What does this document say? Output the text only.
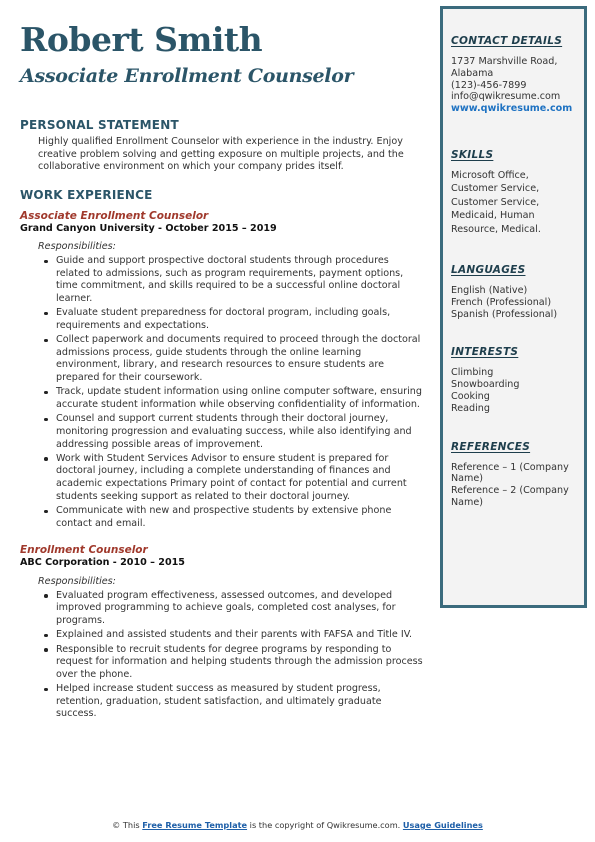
Robert Smith
Associate Enrollment Counselor
PERSONAL STATEMENT

Highly qualified Enrollment Counselor with experience in the industry. Enjoy creative problem solving and getting exposure on multiple projects, and the collaborative environment on which your company prides itself.

WORK EXPERIENCE
Associate Enrollment Counselor
Grand Canyon University - October 2015 – 2019
Responsibilities:
Guide and support prospective doctoral students through procedures related to admissions, such as program requirements, payment options, time commitment, and skills required to be a successful online doctoral learner.
Evaluate student preparedness for doctoral program, including goals, requirements and expectations.
Collect paperwork and documents required to proceed through the doctoral admissions process, guide students through the online learning environment, library, and research resources to ensure students are prepared for their coursework.
Track, update student information using online computer software, ensuring accurate student information while observing confidentiality of information.
Counsel and support current students through their doctoral journey, monitoring progression and evaluating success, while also identifying and addressing possible areas of improvement.
Work with Student Services Advisor to ensure student is prepared for doctoral journey, including a complete understanding of finances and academic expectations Primary point of contact for potential and current students seeking support as related to their doctoral journey.
Communicate with new and prospective students by extensive phone contact and email.
Enrollment Counselor
ABC Corporation - 2010 – 2015
Responsibilities:
Evaluated program effectiveness, assessed outcomes, and developed improved programming to achieve goals, completed cost analyses, for programs.
Explained and assisted students and their parents with FAFSA and Title IV.
Responsible to recruit students for degree programs by responding to request for information and helping students through the admission process over the phone.
Helped increase student success as measured by student progress, retention, graduation, student satisfaction, and ultimately graduate success.
CONTACT DETAILS
1737 Marshville Road,
Alabama
(123)-456-7899
info@qwikresume.com
www.qwikresume.com
SKILLS
Microsoft Office,
Customer Service,
Customer Service,
Medicaid, Human
Resource, Medical.
LANGUAGES
English (Native)
French (Professional)
Spanish (Professional)
INTERESTS
Climbing
Snowboarding
Cooking
Reading
REFERENCES
Reference – 1 (Company
Name)
Reference – 2 (Company
Name)
© This Free Resume Template is the copyright of Qwikresume.com. Usage Guidelines
